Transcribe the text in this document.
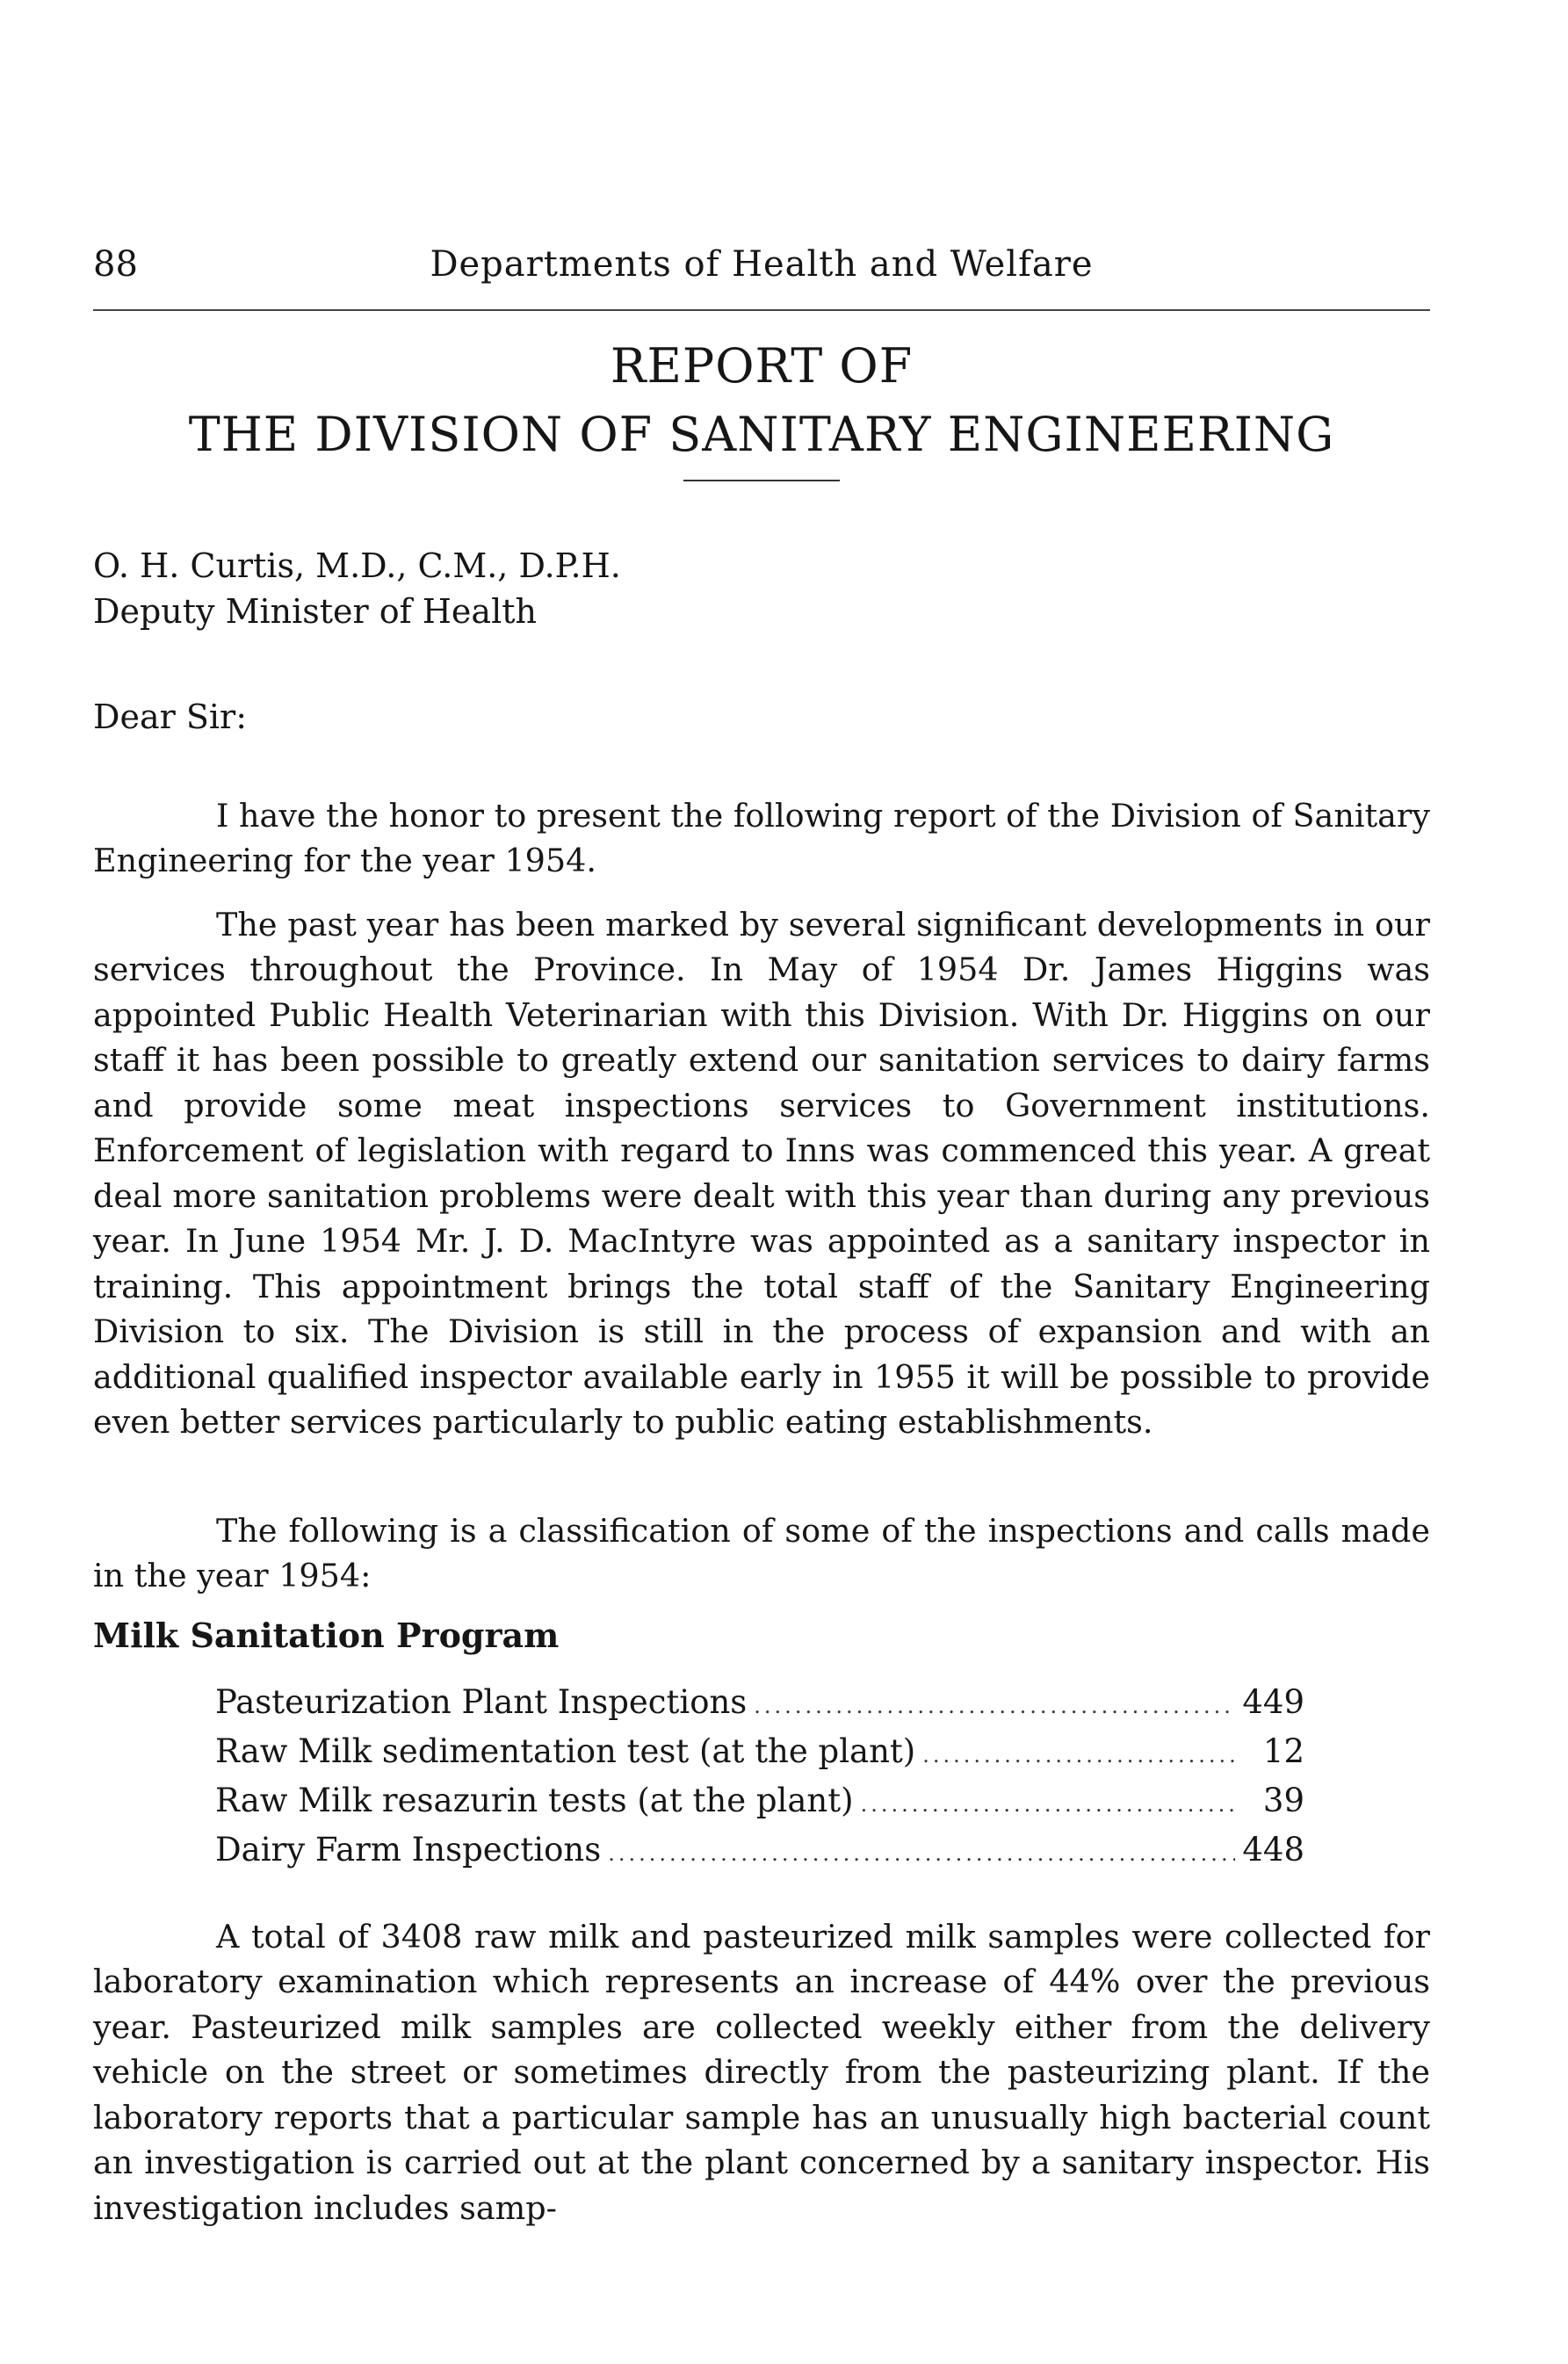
88	Departments of Health and Welfare
REPORT OF
THE DIVISION OF SANITARY ENGINEERING
O. H. Curtis, M.D., C.M., D.P.H.
Deputy Minister of Health
Dear Sir:

I have the honor to present the following report of the Division of Sanitary Engineering for the year 1954.

The past year has been marked by several significant developments in our services throughout the Province. In May of 1954 Dr. James Higgins was appointed Public Health Veterinarian with this Division. With Dr. Higgins on our staff it has been possible to greatly extend our sanitation services to dairy farms and provide some meat inspections services to Government institutions. Enforcement of legislation with regard to Inns was commenced this year. A great deal more sanitation problems were dealt with this year than during any previous year. In June 1954 Mr. J. D. MacIntyre was appointed as a sanitary inspector in training. This appointment brings the total staff of the Sanitary Engineering Division to six. The Division is still in the process of expansion and with an additional qualified inspector available early in 1955 it will be possible to provide even better services particularly to public eating establishments.

The following is a classification of some of the inspections and calls made in the year 1954:

Milk Sanitation Program
Pasteurization Plant Inspections .....	449
Raw Milk sedimentation test (at the plant) .....	12
Raw Milk resazurin tests (at the plant) .....	39
Dairy Farm Inspections .....	448

A total of 3408 raw milk and pasteurized milk samples were collected for laboratory examination which represents an increase of 44% over the previous year. Pasteurized milk samples are collected weekly either from the delivery vehicle on the street or sometimes directly from the pasteurizing plant. If the laboratory reports that a particular sample has an unusually high bacterial count an investigation is carried out at the plant concerned by a sanitary inspector. His investigation includes samp-
